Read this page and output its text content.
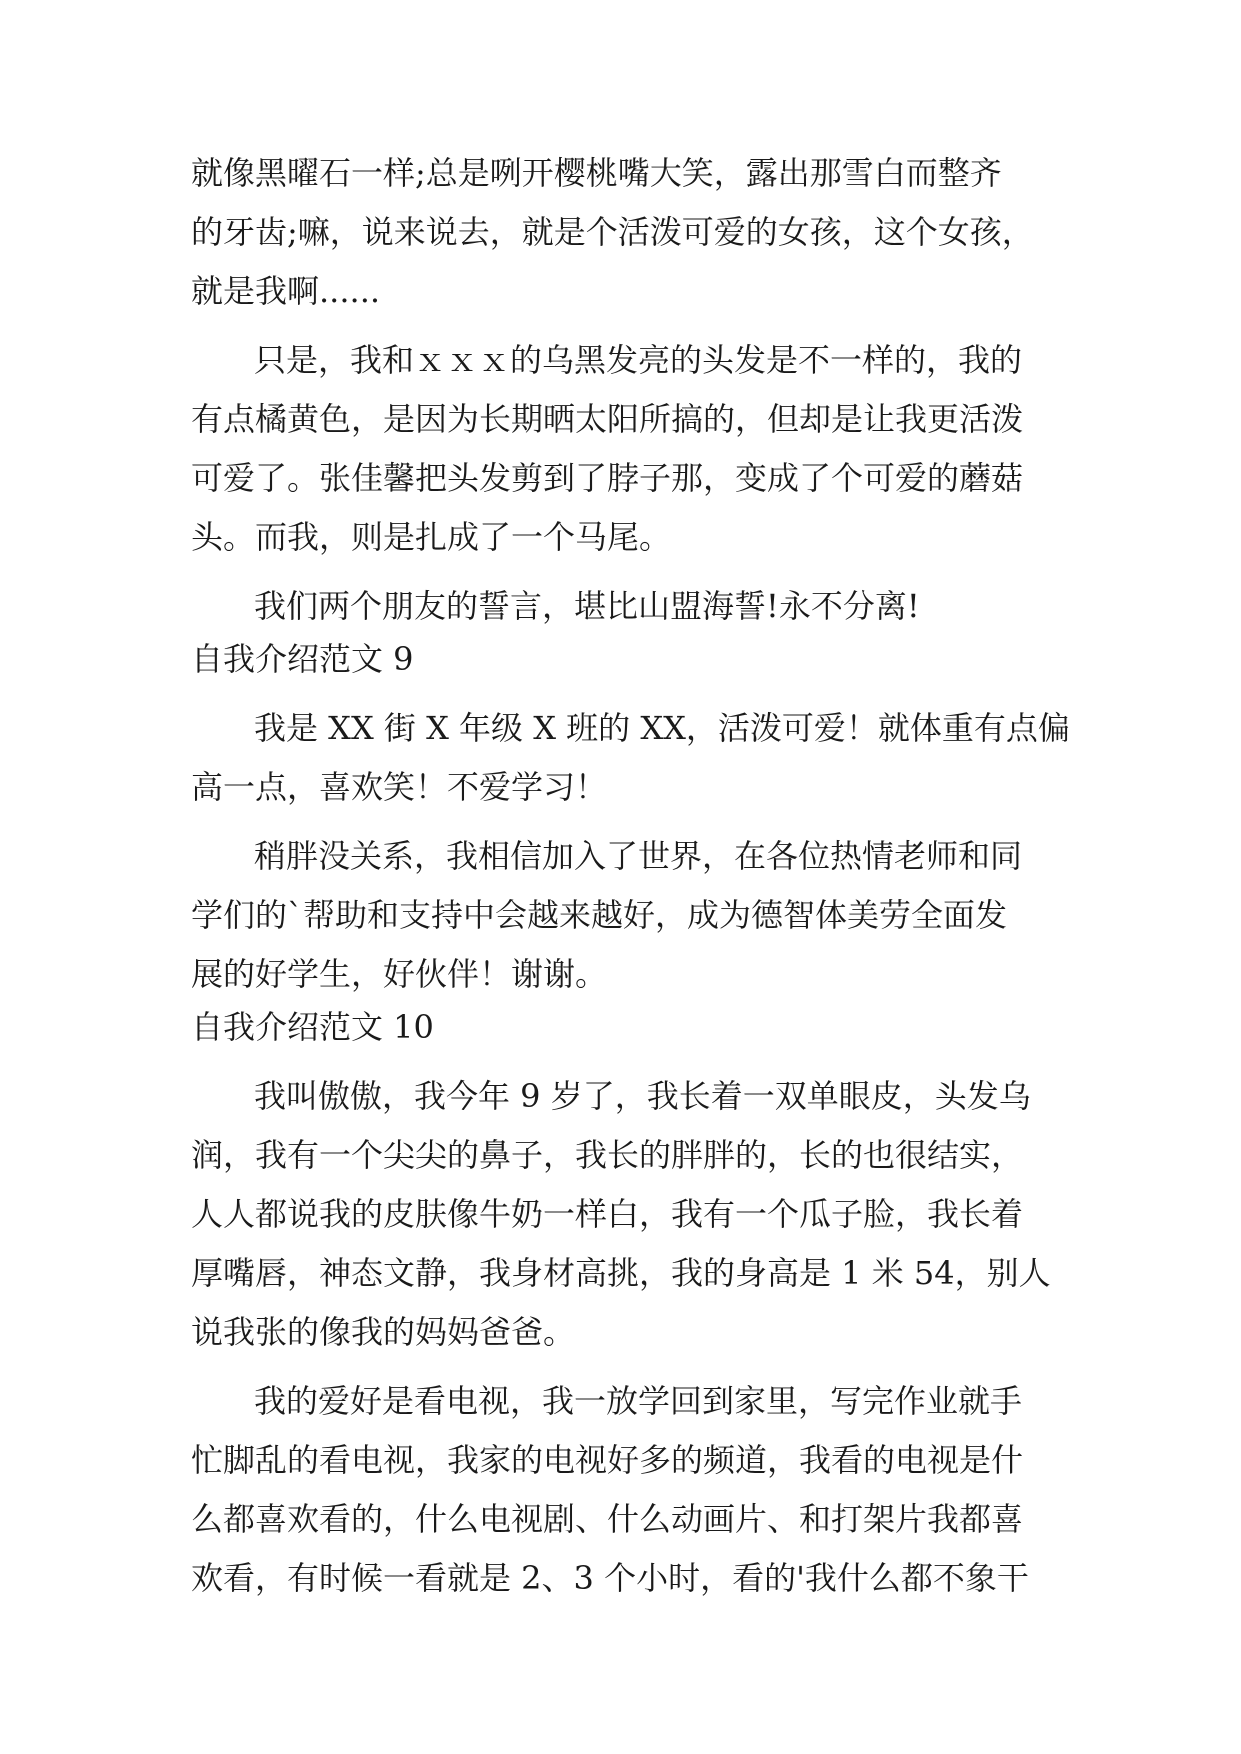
就像黑曜石一样;总是咧开樱桃嘴大笑，露出那雪白而整齐
的牙齿;嘛，说来说去，就是个活泼可爱的女孩，这个女孩，
就是我啊......
只是，我和ｘｘｘ的乌黑发亮的头发是不一样的，我的
有点橘黄色，是因为长期晒太阳所搞的，但却是让我更活泼
可爱了。张佳馨把头发剪到了脖子那，变成了个可爱的蘑菇
头。而我，则是扎成了一个马尾。
我们两个朋友的誓言，堪比山盟海誓!永不分离!
自我介绍范文 9
我是 XX 街 X 年级 X 班的 XX，活泼可爱！就体重有点偏
高一点，喜欢笑！不爱学习！
稍胖没关系，我相信加入了世界，在各位热情老师和同
学们的`帮助和支持中会越来越好，成为德智体美劳全面发
展的好学生，好伙伴！谢谢。
自我介绍范文 10
我叫傲傲，我今年 9 岁了，我长着一双单眼皮，头发乌
润，我有一个尖尖的鼻子，我长的胖胖的，长的也很结实，
人人都说我的皮肤像牛奶一样白，我有一个瓜子脸，我长着
厚嘴唇，神态文静，我身材高挑，我的身高是 1 米 54，别人
说我张的像我的妈妈爸爸。
我的爱好是看电视，我一放学回到家里，写完作业就手
忙脚乱的看电视，我家的电视好多的频道，我看的电视是什
么都喜欢看的，什么电视剧、什么动画片、和打架片我都喜
欢看，有时候一看就是 2、3 个小时，看的'我什么都不象干
